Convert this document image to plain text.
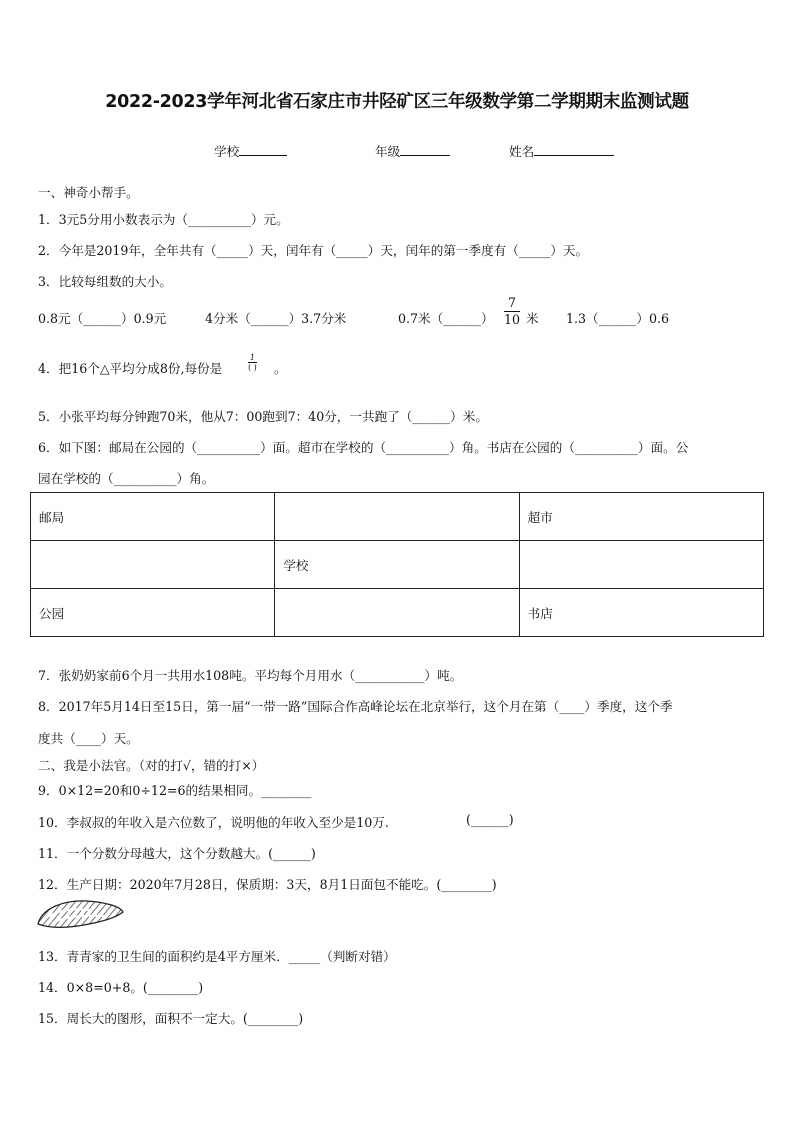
2022-2023学年河北省石家庄市井陉矿区三年级数学第二学期期末监测试题
学校	年级	姓名
一、神奇小帮手。
1．3元5分用小数表示为（__________）元。
2．今年是2019年，全年共有（_____）天，闰年有（_____）天，闰年的第一季度有（_____）天。
3．比较每组数的大小。
0.8元（______）0.9元	4分米（______）3.7分米	0.7米（______） $\frac{7}{10}$ 米 1.3（______）0.6
4．把16个△平均分成8份,每份是
1
( ) 。
5．小张平均每分钟跑70米，他从7：00跑到7：40分，一共跑了（______）米。
6．如下图：邮局在公园的（__________）面。超市在学校的（__________）角。书店在公园的（__________）面。公
园在学校的（__________）角。
邮局		超市
	学校	
公园		书店
7．张奶奶家前6个月一共用水108吨。平均每个月用水（___________）吨。
8．2017年5月14日至15日，第一届“一带一路”国际合作高峰论坛在北京举行，这个月在第（____）季度，这个季
度共（____）天。
二、我是小法官。（对的打√，错的打×）
9．0×12=20和0÷12=6的结果相同。________
10．李叔叔的年收入是六位数了，说明他的年收入至少是10万.	(______)
11．一个分数分母越大，这个分数越大。(______)
12．生产日期：2020年7月28日，保质期：3天，8月1日面包不能吃。(________)
13．青青家的卫生间的面积约是4平方厘米．_____（判断对错）
14．0×8=0+8。(________)
15．周长大的图形，面积不一定大。(________)
